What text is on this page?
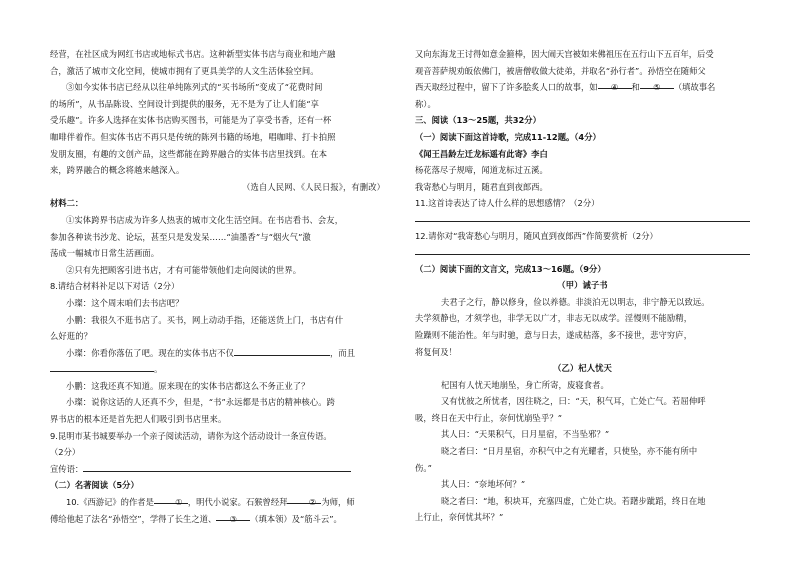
经营，在社区成为网红书店或地标式书店。这种新型实体书店与商业和地产融

合，激活了城市文化空间，使城市拥有了更具美学的人文生活体验空间。

③如今实体书店已经从以往单纯陈列式的“买书场所”变成了“花费时间

的场所”，从书品陈设、空间设计到提供的服务，无不是为了让人们能“享

受乐趣”。许多人选择在实体书店购买图书，可能是为了享受书香，还有一杯

咖啡伴着作。但实体书店不再只是传统的陈列书籍的场地，唱咖啡、打卡拍照

发朋友圈，有趣的文创产品，这些都能在跨界融合的实体书店里找到。在本

来，跨界融合的概念将越来越深入。

（选自人民网、《人民日报》，有删改）

材料二：

①实体跨界书店成为许多人热衷的城市文化生活空间。在书店看书、会友，

参加各种读书沙龙、论坛，甚至只是发发呆……“油墨香”与“烟火气”激

荡成一幅城市日常生活画面。

②只有先把顾客引进书店，才有可能带领他们走向阅读的世界。

8.请结合材料补足以下对话（2分）

小璨：这个周末咱们去书店吧？

小鹏：我很久不逛书店了。买书，网上动动手指，还能送货上门，书店有什

么好逛的？

小璨：你看你落伍了吧。现在的实体书店不仅	，而且

。

小鹏：这我还真不知道。原来现在的实体书店都这么不务正业了？

小璨：说你这话的人还真不少，但是，“书”永远都是书店的精神核心。跨

界书店的根本还是首先把人们吸引到书店里来。

9.昆明市某书城要举办一个亲子阅读活动，请你为这个活动设计一条宣传语。

（2分）

宣传语：

（二）名著阅读（5分）

10.《西游记》的作者是	① ，明代小说家。石猴曾经拜	② 为师，师

傅给他起了法名“孙悟空”，学得了长生之道、 ③ （填本领）及“筋斗云”。

又向东海龙王讨得如意金箍棒，因大闹天宫被如来佛祖压在五行山下五百年，后受

观音菩萨规劝皈依佛门，被唐僧收做大徒弟，并取名“孙行者”。孙悟空在随师父

西天取经过程中，留下了许多脍炙人口的故事，如 ④ 和 ⑤ （填故事名

称）。

三、阅读（13～25题，共32分）

（一）阅读下面这首诗歌，完成11-12题。（4分）

《闻王昌龄左迁龙标遥有此寄》李白

杨花落尽子规啼，闻道龙标过五溪。

我寄愁心与明月，随君直到夜郎西。

11.这首诗表达了诗人什么样的思想感情？（2分）

12.请你对“我寄愁心与明月，随风直到夜郎西”作简要赏析（2分）

（二）阅读下面的文言文，完成13～16题。（9分）

（甲）诫子书

夫君子之行，静以修身，俭以养德。非淡泊无以明志，非宁静无以致远。

夫学须静也，才须学也，非学无以广才，非志无以成学。淫慢则不能励精，

险躁则不能治性。年与时驰，意与日去，遂成枯落，多不接世，悲守穷庐，

将复何及！

（乙）杞人忧天

杞国有人忧天地崩坠，身亡所寄，废寝食者。

又有忧彼之所忧者，因往晓之，曰：“天，积气耳，亡处亡气。若屈伸呼

吸，终日在天中行止，奈何忧崩坠乎？”

其人曰：“天果积气，日月星宿，不当坠邪？”

晓之者曰：“日月星宿，亦积气中之有光耀者，只使坠，亦不能有所中

伤。”

其人曰：“奈地坏何？”

晓之者曰：“地，积块耳，充塞四虚，亡处亡块。若躇步跐蹈，终日在地

上行止，奈何忧其坏？”
